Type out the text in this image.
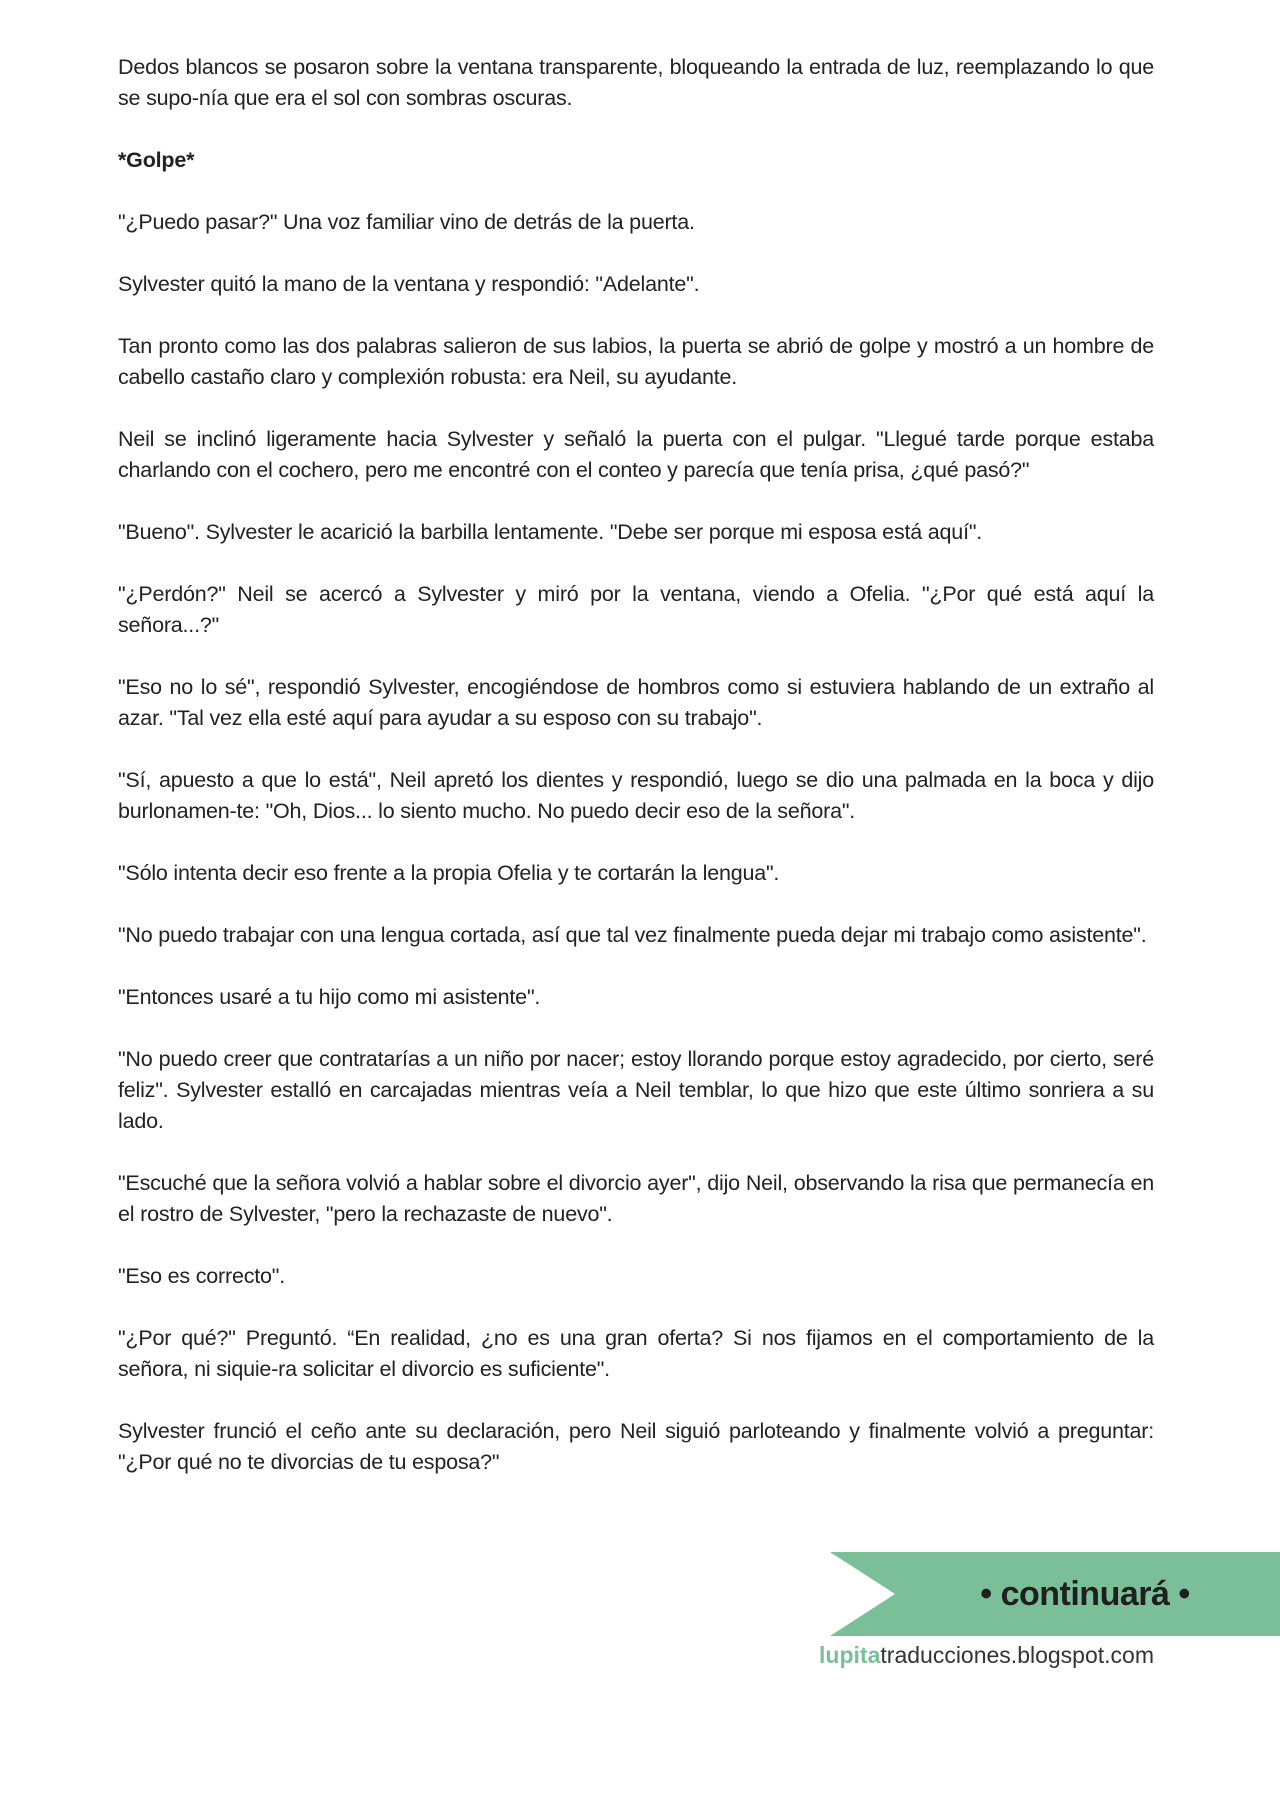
Dedos blancos se posaron sobre la ventana transparente, bloqueando la entrada de luz, reemplazando lo que se supo-nía que era el sol con sombras oscuras.

*Golpe*

"¿Puedo pasar?" Una voz familiar vino de detrás de la puerta.

Sylvester quitó la mano de la ventana y respondió: "Adelante".

Tan pronto como las dos palabras salieron de sus labios, la puerta se abrió de golpe y mostró a un hombre de cabello castaño claro y complexión robusta: era Neil, su ayudante.

Neil se inclinó ligeramente hacia Sylvester y señaló la puerta con el pulgar. "Llegué tarde porque estaba charlando con el cochero, pero me encontré con el conteo y parecía que tenía prisa, ¿qué pasó?"

"Bueno". Sylvester le acarició la barbilla lentamente. "Debe ser porque mi esposa está aquí".

"¿Perdón?" Neil se acercó a Sylvester y miró por la ventana, viendo a Ofelia. "¿Por qué está aquí la señora...?"

"Eso no lo sé", respondió Sylvester, encogiéndose de hombros como si estuviera hablando de un extraño al azar. "Tal vez ella esté aquí para ayudar a su esposo con su trabajo".

"Sí, apuesto a que lo está", Neil apretó los dientes y respondió, luego se dio una palmada en la boca y dijo burlonamen-te: "Oh, Dios... lo siento mucho. No puedo decir eso de la señora".

"Sólo intenta decir eso frente a la propia Ofelia y te cortarán la lengua".

"No puedo trabajar con una lengua cortada, así que tal vez finalmente pueda dejar mi trabajo como asistente".

"Entonces usaré a tu hijo como mi asistente".

"No puedo creer que contratarías a un niño por nacer; estoy llorando porque estoy agradecido, por cierto, seré feliz". Sylvester estalló en carcajadas mientras veía a Neil temblar, lo que hizo que este último sonriera a su lado.

"Escuché que la señora volvió a hablar sobre el divorcio ayer", dijo Neil, observando la risa que permanecía en el rostro de Sylvester, "pero la rechazaste de nuevo".

"Eso es correcto".

"¿Por qué?" Preguntó. “En realidad, ¿no es una gran oferta? Si nos fijamos en el comportamiento de la señora, ni siquie-ra solicitar el divorcio es suficiente".

Sylvester frunció el ceño ante su declaración, pero Neil siguió parloteando y finalmente volvió a preguntar: "¿Por qué no te divorcias de tu esposa?"

• continuará •
lupitatraducciones.blogspot.com
